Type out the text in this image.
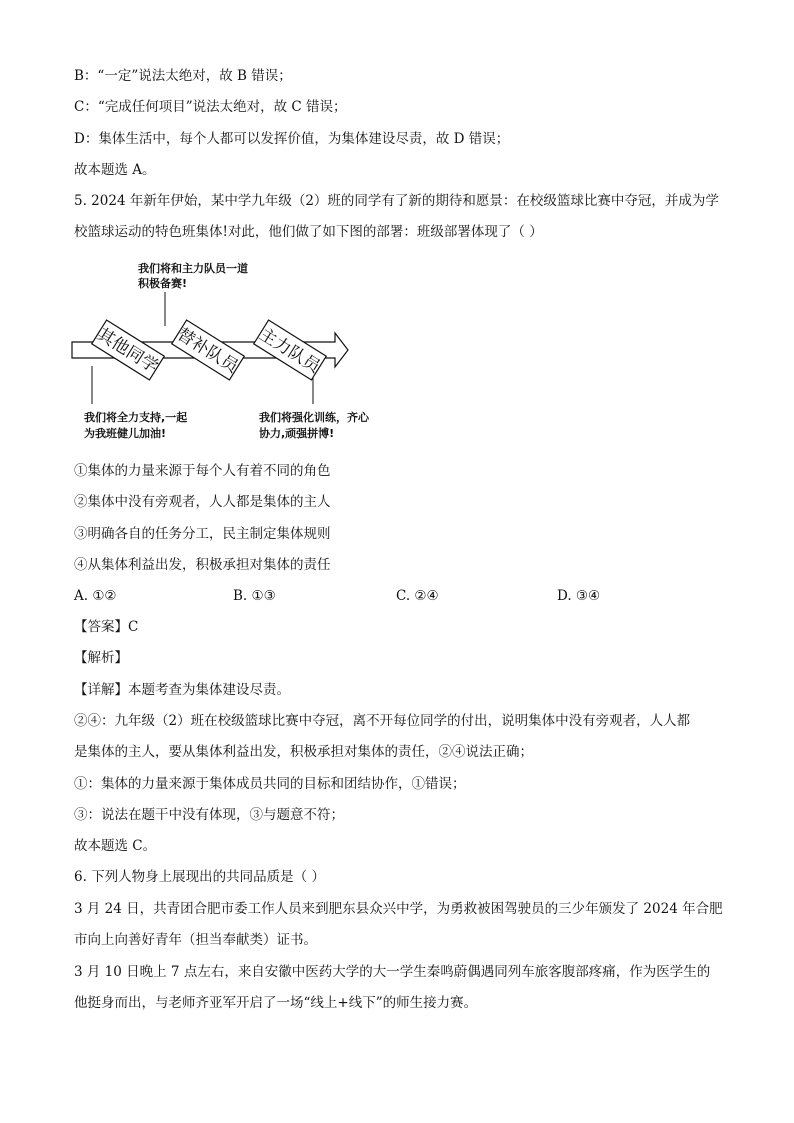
B：“一定”说法太绝对，故 B 错误；
C：“完成任何项目”说法太绝对，故 C 错误；
D：集体生活中，每个人都可以发挥价值，为集体建设尽责，故 D 错误；
故本题选 A。
5. 2024 年新年伊始，某中学九年级（2）班的同学有了新的期待和愿景：在校级篮球比赛中夺冠，并成为学
校篮球运动的特色班集体!对此，他们做了如下图的部署：班级部署体现了（ ）
其他同学 替补队员 主力队员
我们将和主力队员一道
积极备赛!
我们将全力支持,一起
为我班健儿加油!
我们将强化训练，齐心
协力,顽强拼博!
①集体的力量来源于每个人有着不同的角色
②集体中没有旁观者，人人都是集体的主人
③明确各自的任务分工，民主制定集体规则
④从集体利益出发，积极承担对集体的责任
A. ①②	B. ①③	C. ②④	D. ③④
【答案】C
【解析】
【详解】本题考查为集体建设尽责。
②④：九年级（2）班在校级篮球比赛中夺冠，离不开每位同学的付出，说明集体中没有旁观者，人人都
是集体的主人，要从集体利益出发，积极承担对集体的责任，②④说法正确；
①：集体的力量来源于集体成员共同的目标和团结协作，①错误；
③：说法在题干中没有体现，③与题意不符；
故本题选 C。
6. 下列人物身上展现出的共同品质是（ ）
3 月 24 日，共青团合肥市委工作人员来到肥东县众兴中学，为勇救被困驾驶员的三少年颁发了 2024 年合肥
市向上向善好青年（担当奉献类）证书。
3 月 10 日晚上 7 点左右，来自安徽中医药大学的大一学生秦鸣蔚偶遇同列车旅客腹部疼痛，作为医学生的
他挺身而出，与老师齐亚军开启了一场“线上+线下”的师生接力赛。
